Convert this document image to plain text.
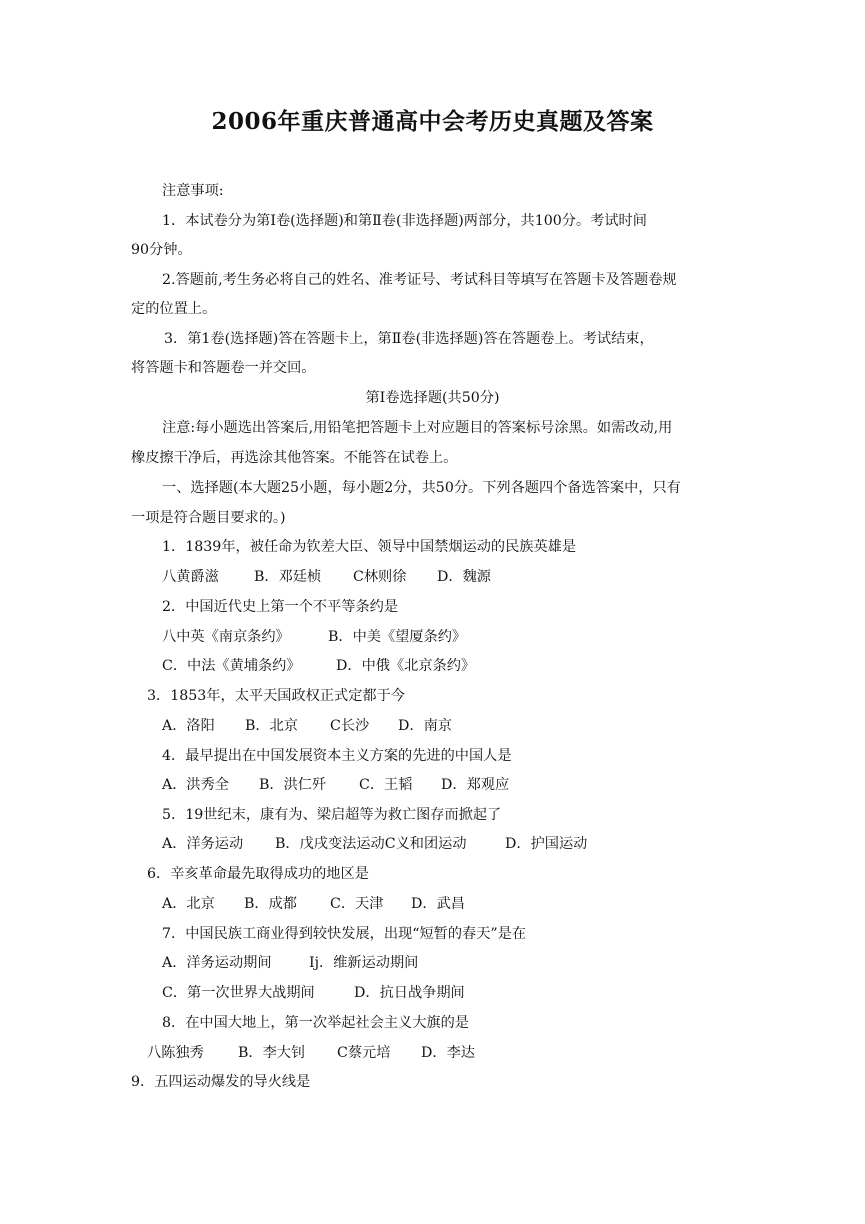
2006年重庆普通高中会考历史真题及答案
注意事项:
1．本试卷分为第Ⅰ卷(选择题)和第Ⅱ卷(非选择题)两部分，共100分。考试时间
90分钟。
2.答题前,考生务必将自己的姓名、准考证号、考试科目等填写在答题卡及答题卷规
定的位置上。
3．第1卷(选择题)答在答题卡上，第Ⅱ卷(非选择题)答在答题卷上。考试结束，
将答题卡和答题卷一并交回。
第Ⅰ卷选择题(共50分)
注意:每小题选出答案后,用铅笔把答题卡上对应题目的答案标号涂黑。如需改动,用
橡皮擦干净后，再选涂其他答案。不能答在试卷上。
一、选择题(本大题25小题，每小题2分，共50分。下列各题四个备选答案中，只有
一项是符合题目要求的。)
1．1839年，被任命为钦差大臣、领导中国禁烟运动的民族英雄是
八黄爵滋 B．邓廷桢 C林则徐 D．魏源
2．中国近代史上第一个不平等条约是
八中英《南京条约》	B．中美《望厦条约》
C．中法《黄埔条约》 D．中俄《北京条约》
3．1853年，太平天国政权正式定都于今
A．洛阳 B．北京 C长沙 D．南京
4．最早提出在中国发展资本主义方案的先进的中国人是
A．洪秀全 B．洪仁歼 C．王韬 D．郑观应
5．19世纪末，康有为、梁启超等为救亡图存而掀起了
A．洋务运动 B．戊戌变法运动C义和团运动	D．护国运动
6．辛亥革命最先取得成功的地区是
A．北京 B．成都 C．天津 D．武昌
7．中国民族工商业得到较快发展，出现“短暂的春天”是在
A．洋务运动期间	Ij．维新运动期间
C．第一次世界大战期间	D．抗日战争期间
8．在中国大地上，第一次举起社会主义大旗的是
八陈独秀 B．李大钊 C蔡元培 D．李达
9．五四运动爆发的导火线是
